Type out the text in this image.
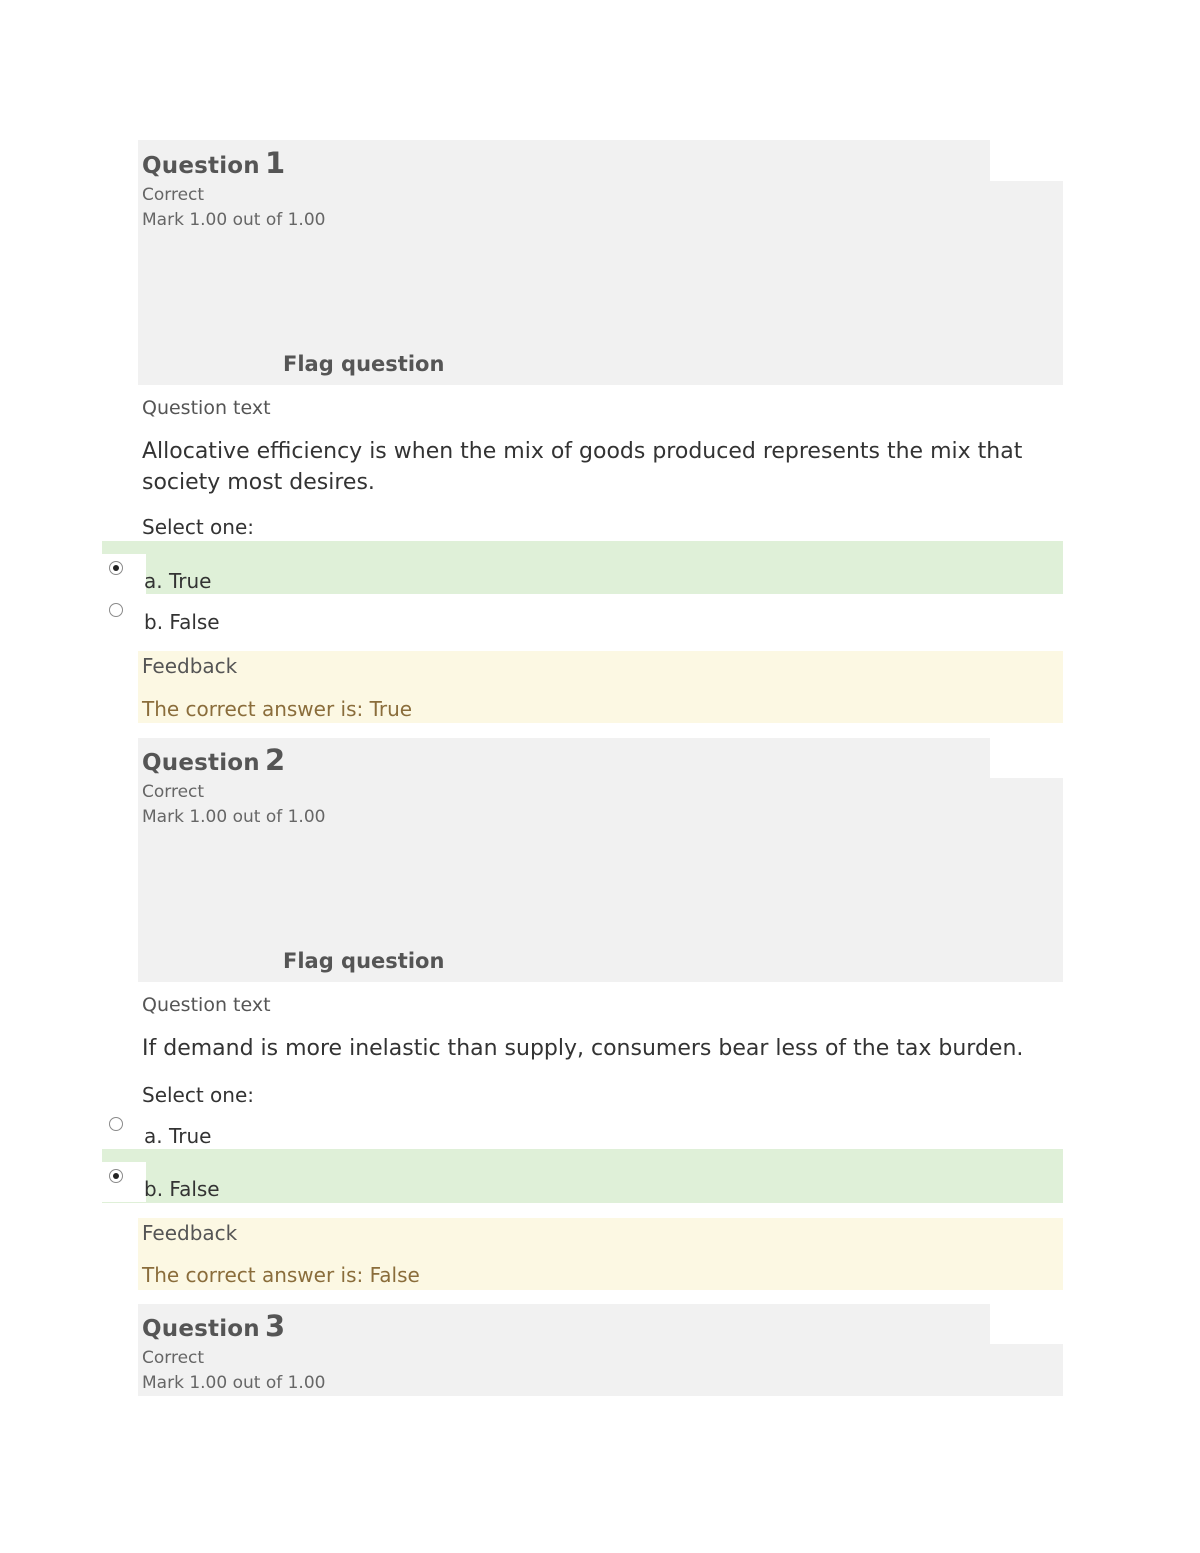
Question 1
Correct
Mark 1.00 out of 1.00
Flag question
Question text
Allocative efficiency is when the mix of goods produced represents the mix that society most desires.
Select one:
a. True
b. False
Feedback
The correct answer is: True
Question 2
Correct
Mark 1.00 out of 1.00
Flag question
Question text
If demand is more inelastic than supply, consumers bear less of the tax burden.
Select one:
a. True
b. False
Feedback
The correct answer is: False
Question 3
Correct
Mark 1.00 out of 1.00
